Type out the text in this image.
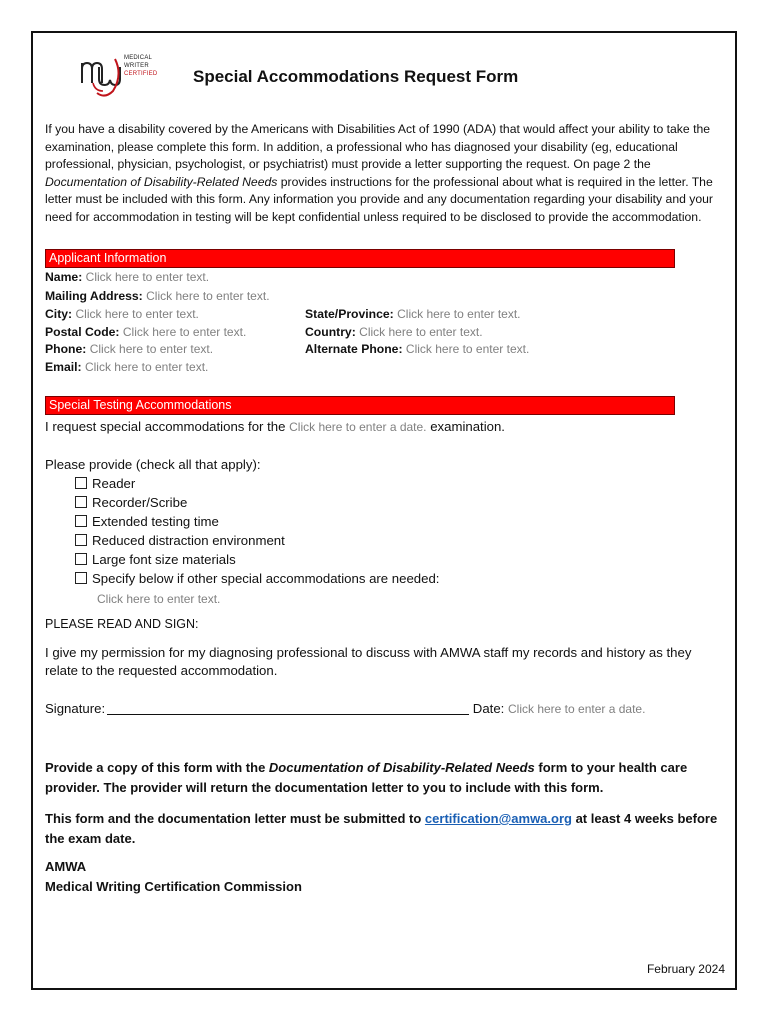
MEDICAL
WRITER
CERTIFIED Special Accommodations Request Form

If you have a disability covered by the Americans with Disabilities Act of 1990 (ADA) that would affect your ability to take the examination, please complete this form. In addition, a professional who has diagnosed your disability (eg, educational professional, physician, psychologist, or psychiatrist) must provide a letter supporting the request. On page 2 the Documentation of Disability-Related Needs provides instructions for the professional about what is required in the letter. The letter must be included with this form. Any information you provide and any documentation regarding your disability and your need for accommodation in testing will be kept confidential unless required to be disclosed to provide the accommodation.

Applicant Information
Name: Click here to enter text.
Mailing Address: Click here to enter text.
City: Click here to enter text.	State/Province: Click here to enter text.
Postal Code: Click here to enter text.	Country: Click here to enter text.
Phone: Click here to enter text.	Alternate Phone: Click here to enter text.
Email: Click here to enter text.
Special Testing Accommodations
I request special accommodations for the Click here to enter a date. examination.
Please provide (check all that apply):
Reader
Recorder/Scribe
Extended testing time
Reduced distraction environment
Large font size materials
Specify below if other special accommodations are needed:
Click here to enter text.
PLEASE READ AND SIGN:
I give my permission for my diagnosing professional to discuss with AMWA staff my records and history as they relate to the requested accommodation.
Signature:	Date: Click here to enter a date.
Provide a copy of this form with the Documentation of Disability-Related Needs form to your health care provider. The provider will return the documentation letter to you to include with this form.
This form and the documentation letter must be submitted to certification@amwa.org at least 4 weeks before the exam date.
AMWA
Medical Writing Certification Commission
February 2024
